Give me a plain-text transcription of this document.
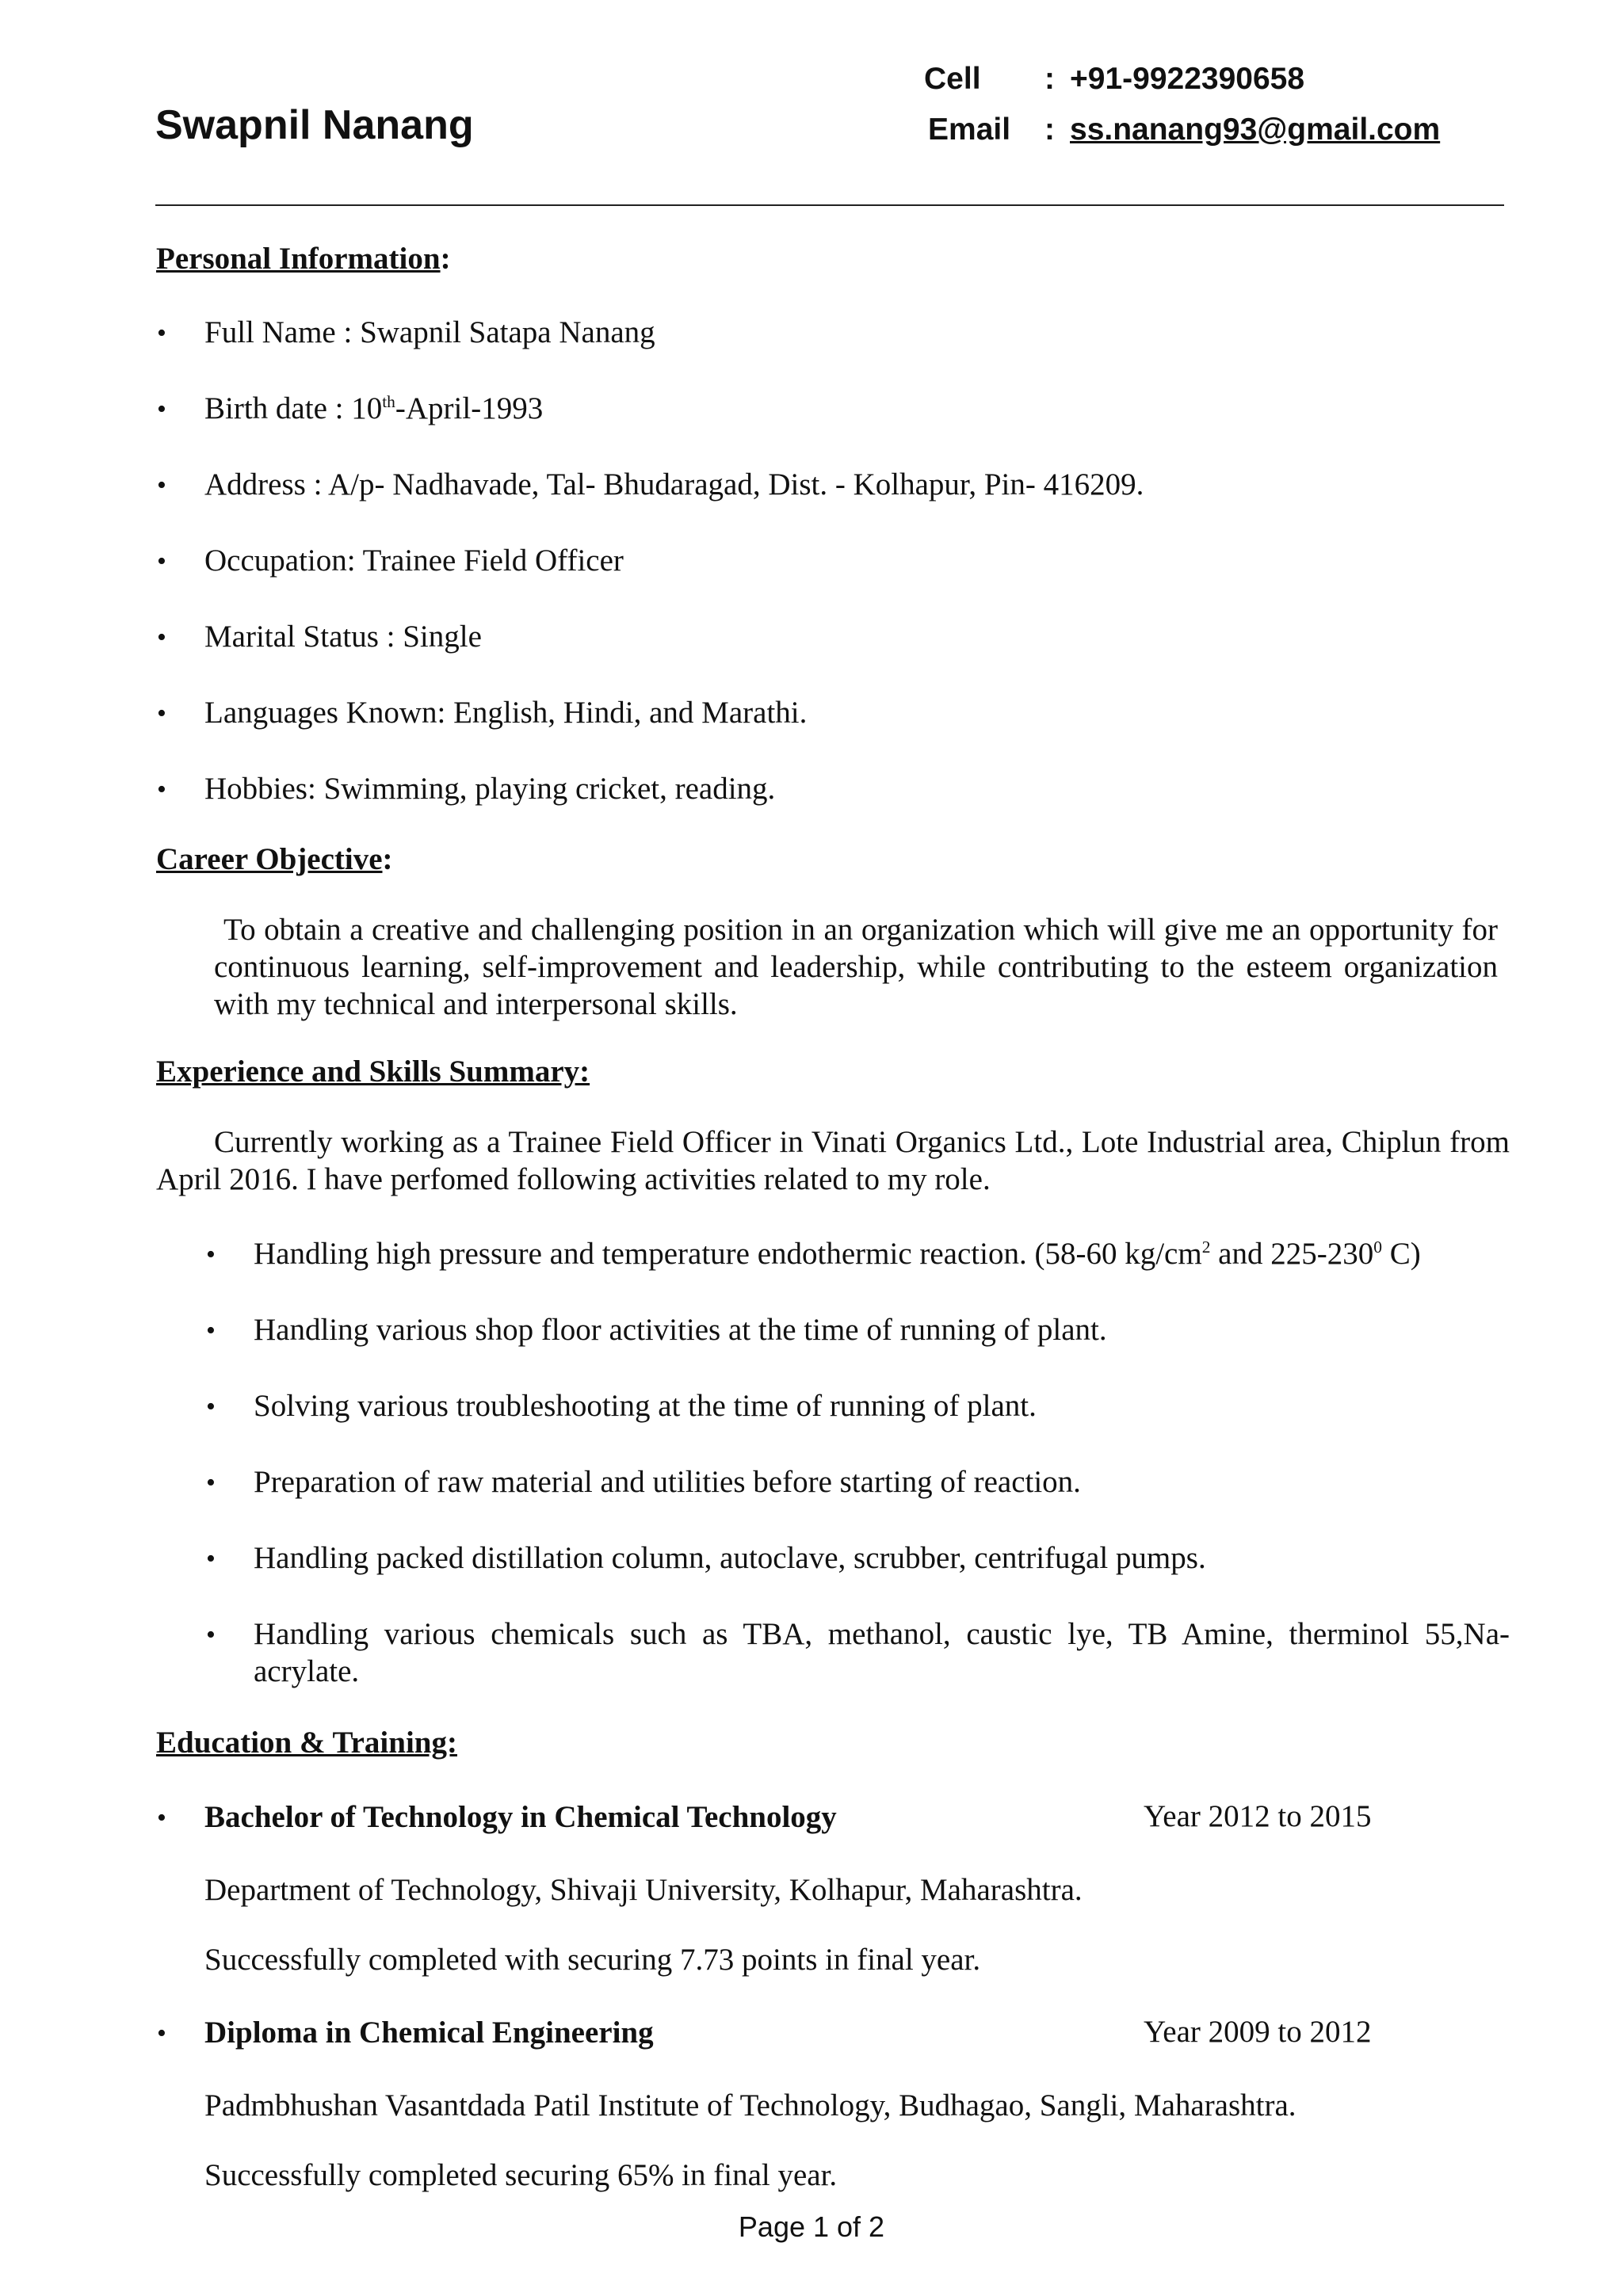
Swapnil Nanang
Cell : +91-9922390658
Email : ss.nanang93@gmail.com
Personal Information:
• Full Name : Swapnil Satapa Nanang
• Birth date : 10th-April-1993
• Address : A/p- Nadhavade, Tal- Bhudaragad, Dist. - Kolhapur, Pin- 416209.
• Occupation: Trainee Field Officer
• Marital Status : Single
• Languages Known: English, Hindi, and Marathi.
• Hobbies: Swimming, playing cricket, reading.
Career Objective:
To obtain a creative and challenging position in an organization which will give me an opportunity for continuous learning, self-improvement and leadership, while contributing to the esteem organization with my technical and interpersonal skills.
Experience and Skills Summary:
Currently working as a Trainee Field Officer in Vinati Organics Ltd., Lote Industrial area, Chiplun from April 2016. I have perfomed following activities related to my role.
• Handling high pressure and temperature endothermic reaction. (58-60 $kg/cm^2$ and $225-230^0$ C)
• Handling various shop floor activities at the time of running of plant.
• Solving various troubleshooting at the time of running of plant.
• Preparation of raw material and utilities before starting of reaction.
• Handling packed distillation column, autoclave, scrubber, centrifugal pumps.
• Handling various chemicals such as TBA, methanol, caustic lye, TB Amine, therminol 55,Na-acrylate.
Education & Training:
• Bachelor of Technology in Chemical Technology	Year 2012 to 2015
Department of Technology, Shivaji University, Kolhapur, Maharashtra.
Successfully completed with securing 7.73 points in final year.
• Diploma in Chemical Engineering	Year 2009 to 2012
Padmbhushan Vasantdada Patil Institute of Technology, Budhagao, Sangli, Maharashtra.
Successfully completed securing 65% in final year.
Page 1 of 2
